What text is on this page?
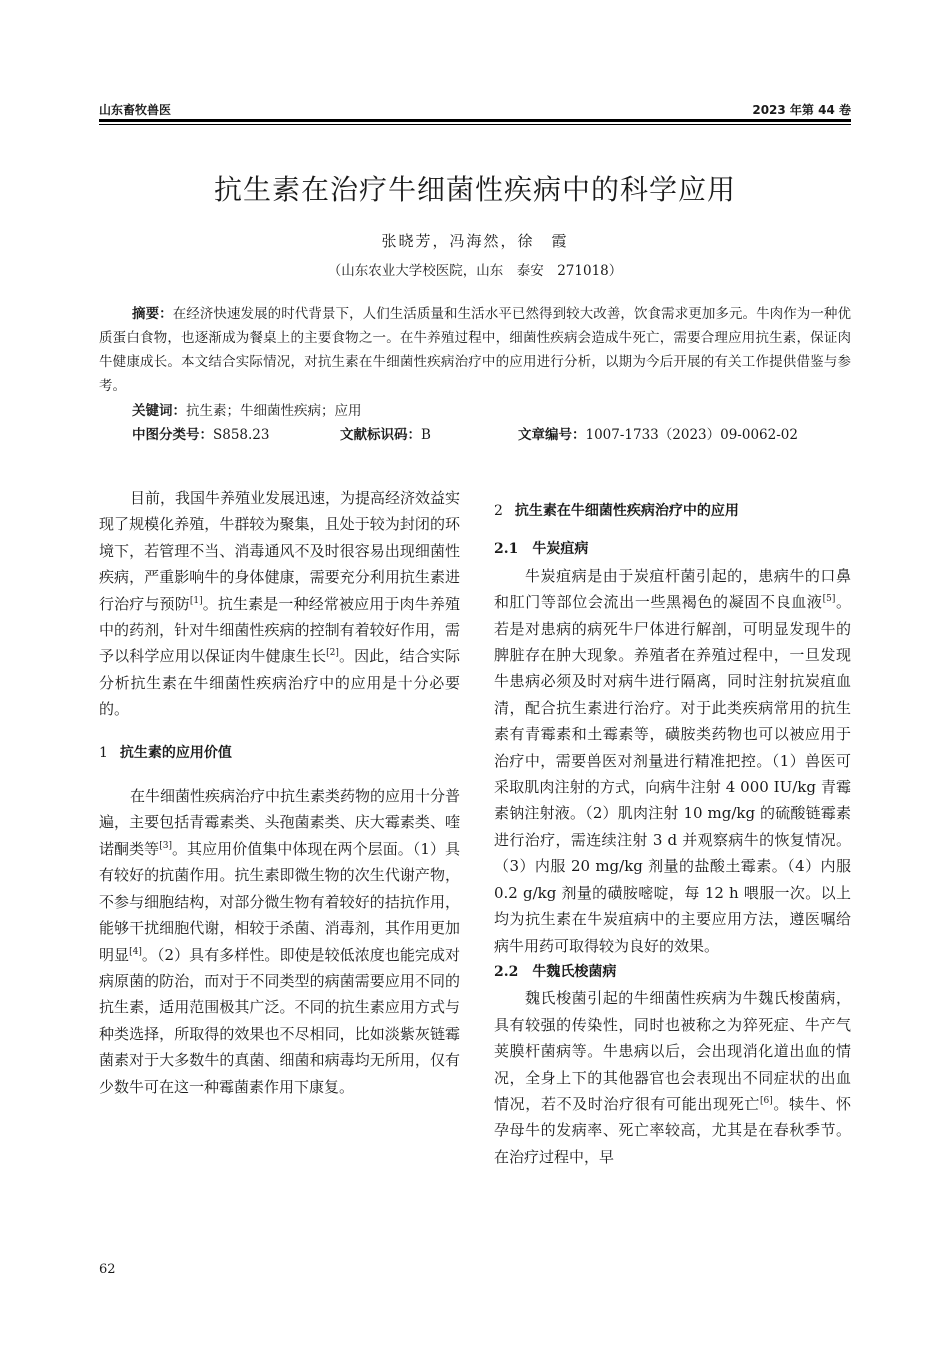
山东畜牧兽医	2023 年第 44 卷
抗生素在治疗牛细菌性疾病中的科学应用
张晓芳，冯海然，徐　霞
（山东农业大学校医院，山东　泰安　271018）

摘要：在经济快速发展的时代背景下，人们生活质量和生活水平已然得到较大改善，饮食需求更加多元。牛肉作为一种优质蛋白食物，也逐渐成为餐桌上的主要食物之一。在牛养殖过程中，细菌性疾病会造成牛死亡，需要合理应用抗生素，保证肉牛健康成长。本文结合实际情况，对抗生素在牛细菌性疾病治疗中的应用进行分析，以期为今后开展的有关工作提供借鉴与参考。

关键词：抗生素；牛细菌性疾病；应用
中图分类号：S858.23	文献标识码：B	文章编号：1007-1733（2023）09-0062-02

目前，我国牛养殖业发展迅速，为提高经济效益实现了规模化养殖，牛群较为聚集，且处于较为封闭的环境下，若管理不当、消毒通风不及时很容易出现细菌性疾病，严重影响牛的身体健康，需要充分利用抗生素进行治疗与预防[1]。抗生素是一种经常被应用于肉牛养殖中的药剂，针对牛细菌性疾病的控制有着较好作用，需予以科学应用以保证肉牛健康生长[2]。因此，结合实际分析抗生素在牛细菌性疾病治疗中的应用是十分必要的。

1 抗生素的应用价值

在牛细菌性疾病治疗中抗生素类药物的应用十分普遍，主要包括青霉素类、头孢菌素类、庆大霉素类、喹诺酮类等[3]。其应用价值集中体现在两个层面。（1）具有较好的抗菌作用。抗生素即微生物的次生代谢产物，不参与细胞结构，对部分微生物有着较好的拮抗作用，能够干扰细胞代谢，相较于杀菌、消毒剂，其作用更加明显[4]。（2）具有多样性。即使是较低浓度也能完成对病原菌的防治，而对于不同类型的病菌需要应用不同的抗生素，适用范围极其广泛。不同的抗生素应用方式与种类选择，所取得的效果也不尽相同，比如淡紫灰链霉菌素对于大多数牛的真菌、细菌和病毒均无所用，仅有少数牛可在这一种霉菌素作用下康复。

2 抗生素在牛细菌性疾病治疗中的应用
2.1 牛炭疽病

牛炭疽病是由于炭疽杆菌引起的，患病牛的口鼻和肛门等部位会流出一些黑褐色的凝固不良血液[5]。若是对患病的病死牛尸体进行解剖，可明显发现牛的脾脏存在肿大现象。养殖者在养殖过程中，一旦发现牛患病必须及时对病牛进行隔离，同时注射抗炭疽血清，配合抗生素进行治疗。对于此类疾病常用的抗生素有青霉素和土霉素等，磺胺类药物也可以被应用于治疗中，需要兽医对剂量进行精准把控。（1）兽医可采取肌肉注射的方式，向病牛注射 4 000 IU/kg 青霉素钠注射液。（2）肌肉注射 10 mg/kg 的硫酸链霉素进行治疗，需连续注射 3 d 并观察病牛的恢复情况。（3）内服 20 mg/kg 剂量的盐酸土霉素。（4）内服 0.2 g/kg 剂量的磺胺嘧啶，每 12 h 喂服一次。以上均为抗生素在牛炭疽病中的主要应用方法，遵医嘱给病牛用药可取得较为良好的效果。

2.2 牛魏氏梭菌病

魏氏梭菌引起的牛细菌性疾病为牛魏氏梭菌病，具有较强的传染性，同时也被称之为猝死症、牛产气荚膜杆菌病等。牛患病以后，会出现消化道出血的情况，全身上下的其他器官也会表现出不同症状的出血情况，若不及时治疗很有可能出现死亡[6]。犊牛、怀孕母牛的发病率、死亡率较高，尤其是在春秋季节。在治疗过程中，早

62
